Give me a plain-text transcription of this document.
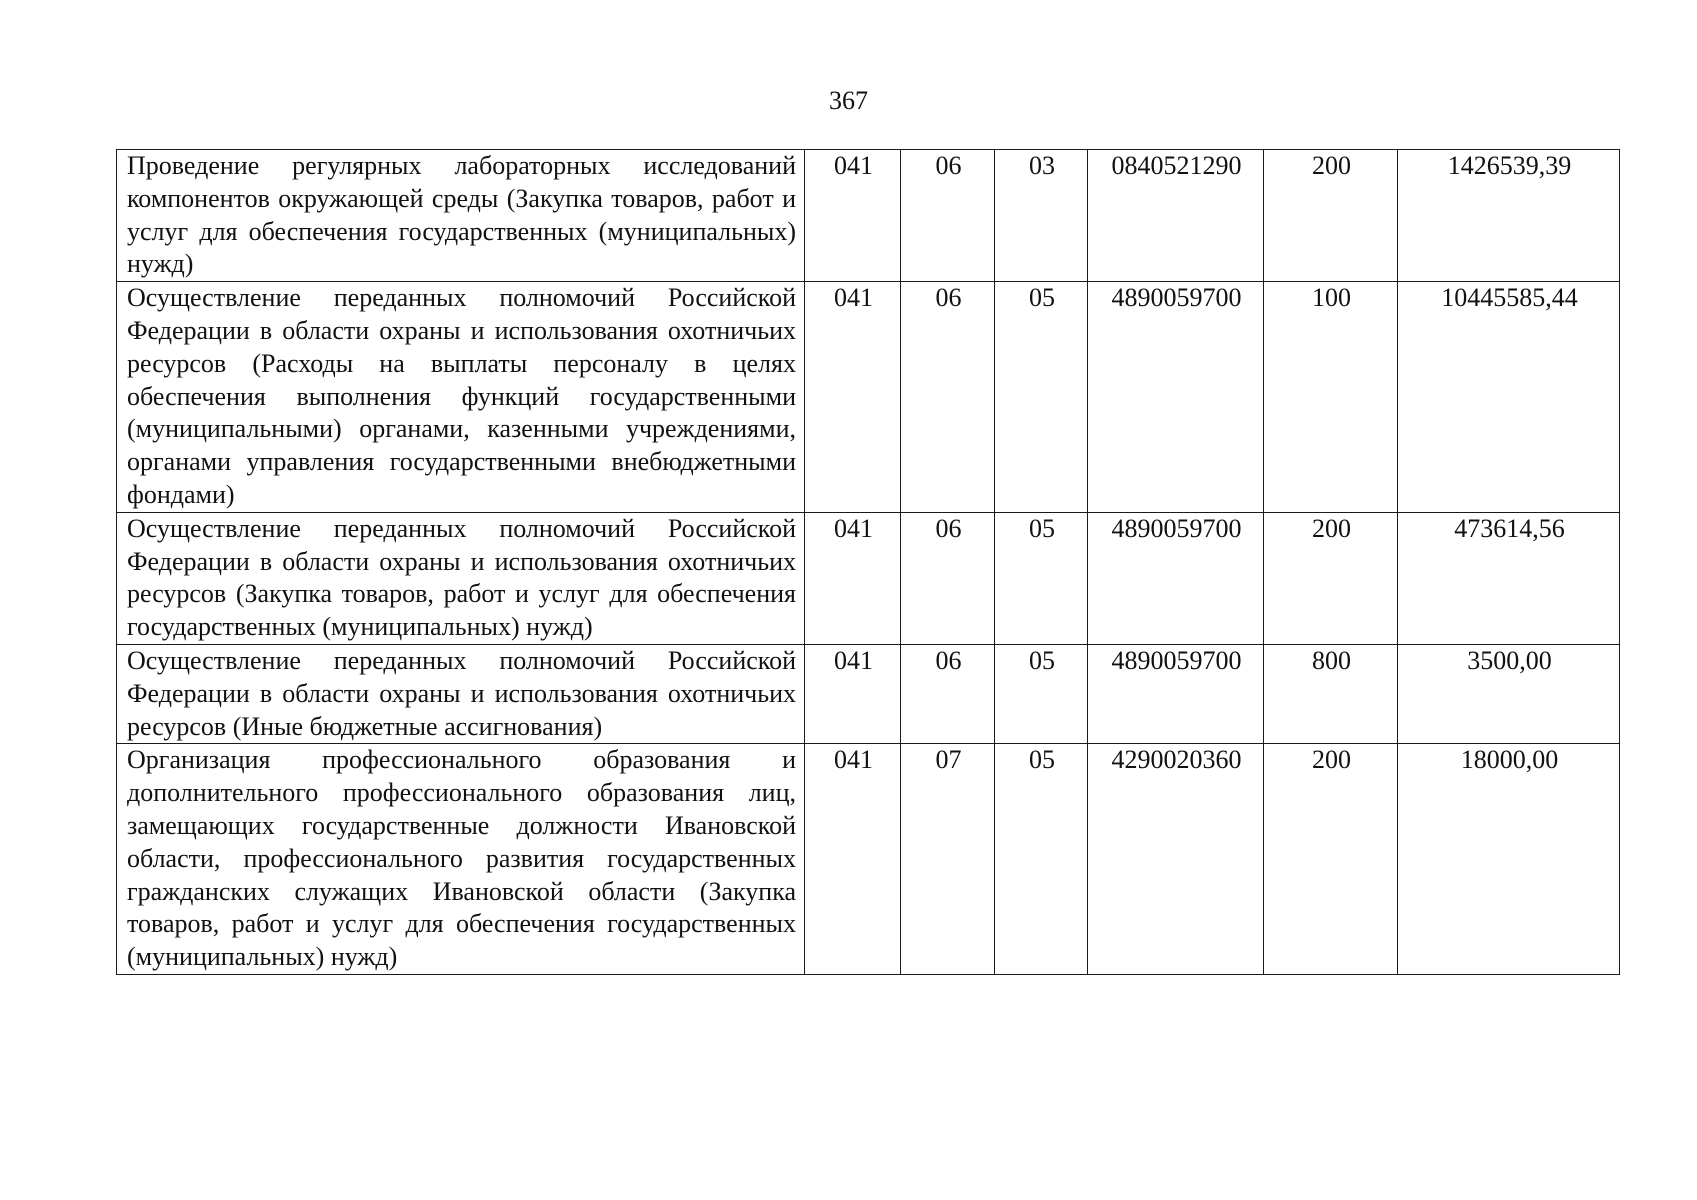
367
Проведение регулярных лабораторных исследований компонентов окружающей среды (Закупка товаров, работ и услуг для обеспечения государственных (муниципальных) нужд)	041	06	03	0840521290	200	1426539,39
Осуществление переданных полномочий Российской Федерации в области охраны и использования охотничьих ресурсов (Расходы на выплаты персоналу в целях обеспечения выполнения функций государственными (муниципальными) органами, казенными учреждениями, органами управления государственными внебюджетными фондами)	041	06	05	4890059700	100	10445585,44
Осуществление переданных полномочий Российской Федерации в области охраны и использования охотничьих ресурсов (Закупка товаров, работ и услуг для обеспечения государственных (муниципальных) нужд)	041	06	05	4890059700	200	473614,56
Осуществление переданных полномочий Российской Федерации в области охраны и использования охотничьих ресурсов (Иные бюджетные ассигнования)	041	06	05	4890059700	800	3500,00
Организация профессионального образования и дополнительного профессионального образования лиц, замещающих государственные должности Ивановской области, профессионального развития государственных гражданских служащих Ивановской области (Закупка товаров, работ и услуг для обеспечения государственных (муниципальных) нужд)	041	07	05	4290020360	200	18000,00
